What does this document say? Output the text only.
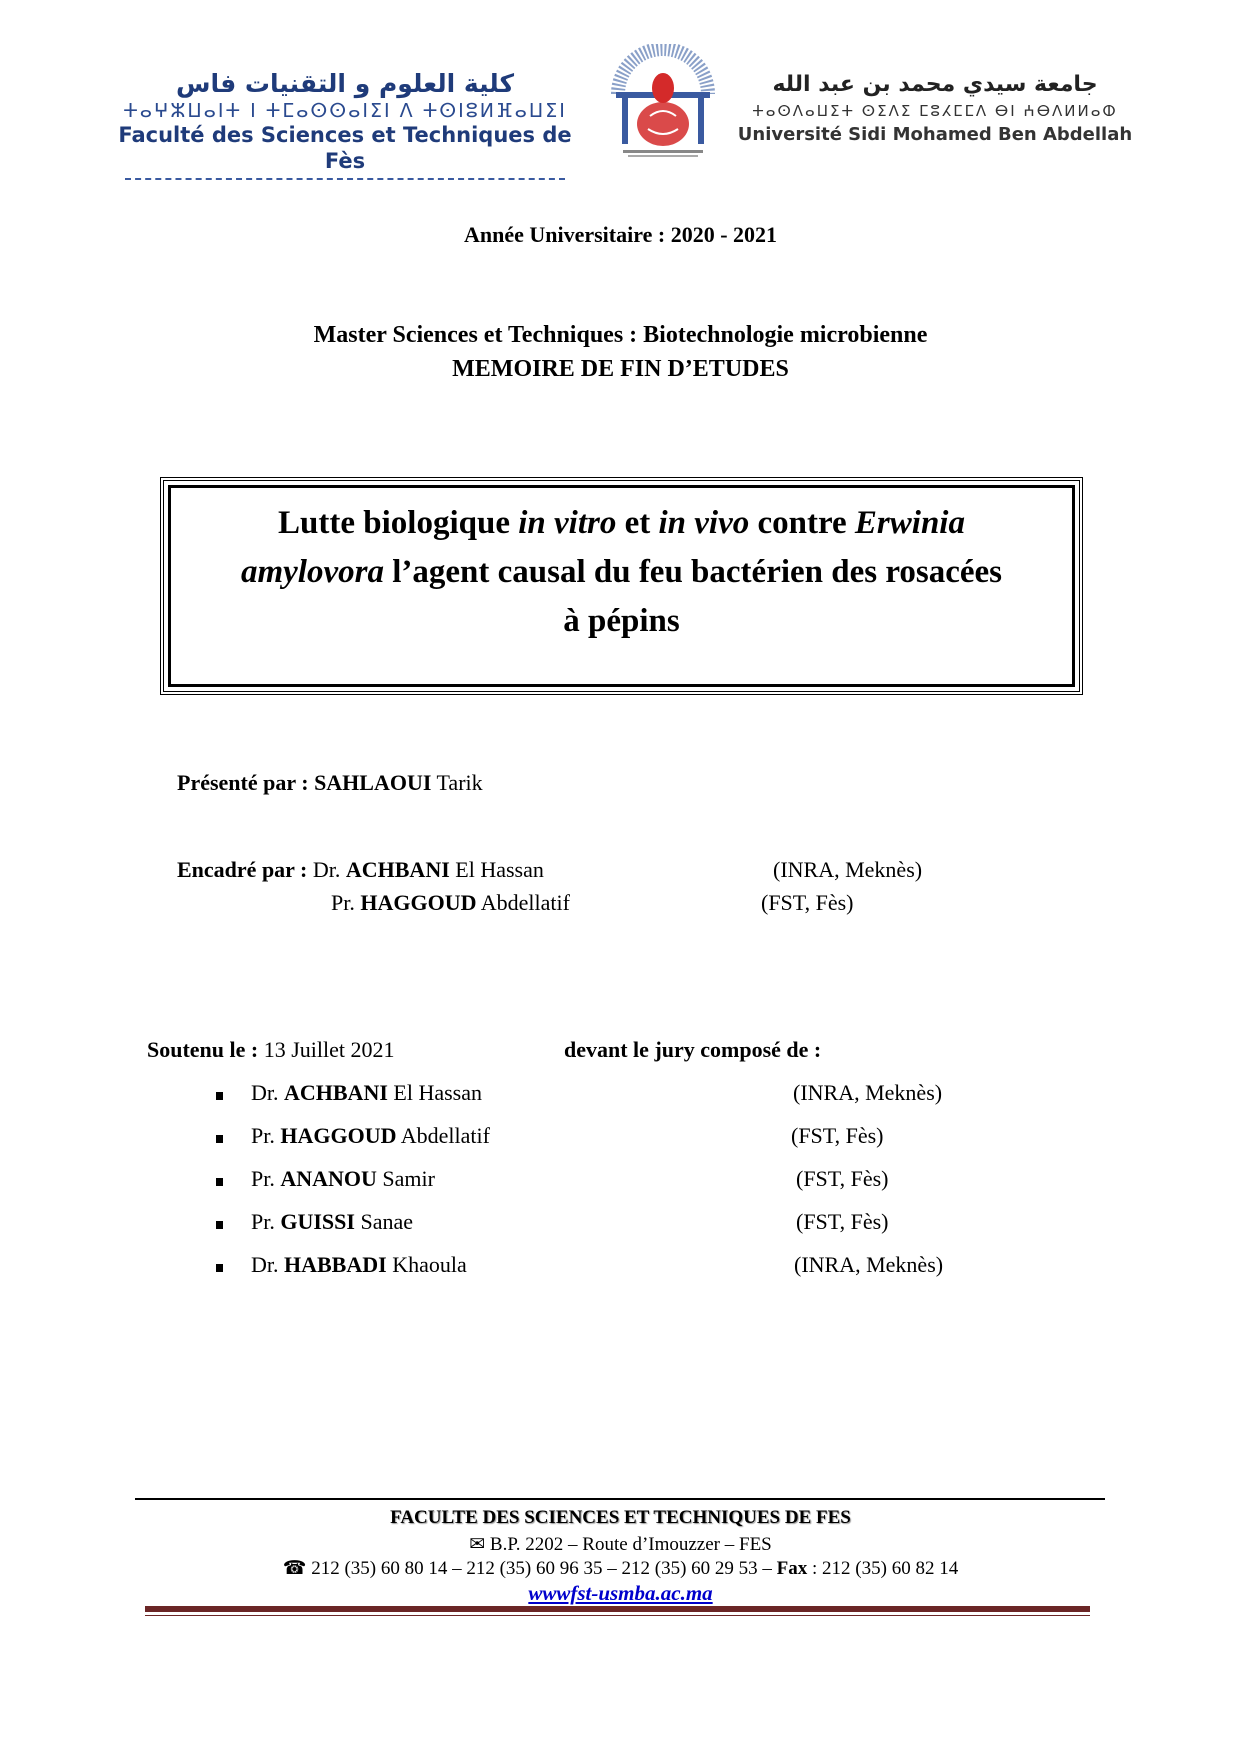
كلية العلوم و التقنيات فاس
ⵜⴰⵖⵣⵡⴰⵏⵜ ⵏ ⵜⵎⴰⵙⵙⴰⵏⵉⵏ ⴷ ⵜⵙⵏⵓⵍⴼⴰⵡⵉⵏ
Faculté des Sciences et Techniques de Fès
جامعة سيدي محمد بن عبد الله
ⵜⴰⵙⴷⴰⵡⵉⵜ ⵙⵉⴷⵉ ⵎⵓⵃⵎⵎⴷ ⴱⵏ ⵄⴱⴷⵍⵍⴰⵀ
Université Sidi Mohamed Ben Abdellah
Année Universitaire : 2020 - 2021
Master Sciences et Techniques : Biotechnologie microbienne
MEMOIRE DE FIN D’ETUDES
Lutte biologique in vitro et in vivo contre Erwinia
amylovora l’agent causal du feu bactérien des rosacées
à pépins
Présenté par : SAHLAOUI Tarik
Encadré par : Dr. ACHBANI El Hassan	(INRA, Meknès)
Pr. HAGGOUD Abdellatif	(FST, Fès)
Soutenu le : 13 Juillet 2021	devant le jury composé de :
Dr. ACHBANI El Hassan	(INRA, Meknès)
Pr. HAGGOUD Abdellatif	(FST, Fès)
Pr. ANANOU Samir	(FST, Fès)
Pr. GUISSI Sanae	(FST, Fès)
Dr. HABBADI Khaoula	(INRA, Meknès)
FACULTE DES SCIENCES ET TECHNIQUES DE FES
✉ B.P. 2202 – Route d’Imouzzer – FES
☎ 212 (35) 60 80 14 – 212 (35) 60 96 35 – 212 (35) 60 29 53 – Fax : 212 (35) 60 82 14
wwwfst-usmba.ac.ma
